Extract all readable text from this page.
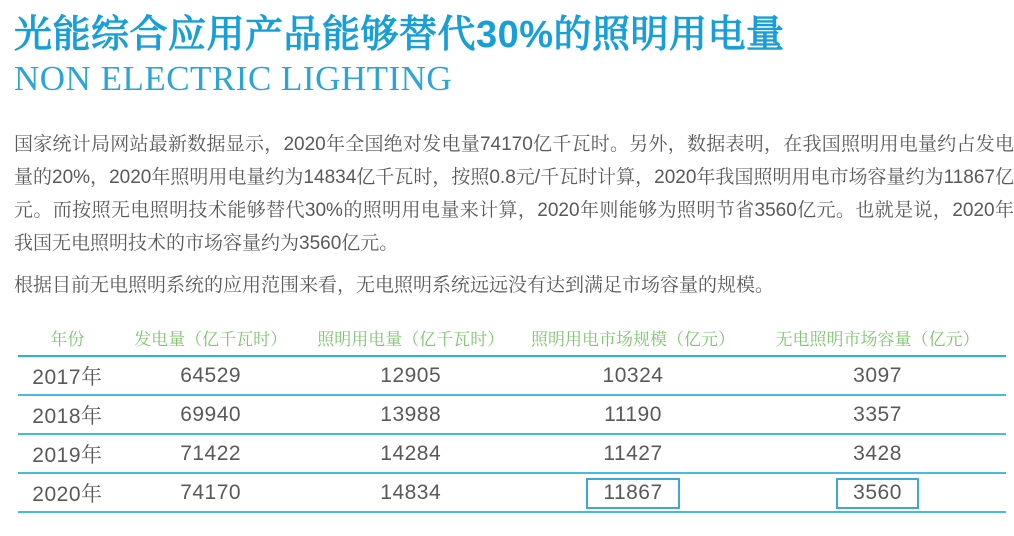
光能综合应用产品能够替代30%的照明用电量
NON ELECTRIC LIGHTING

国家统计局网站最新数据显示，2020年全国绝对发电量74170亿千瓦时。另外，数据表明，在我国照明用电量约占发电量的20%，2020年照明用电量约为14834亿千瓦时，按照0.8元/千瓦时计算，2020年我国照明用电市场容量约为11867亿元。而按照无电照明技术能够替代30%的照明用电量来计算，2020年则能够为照明节省3560亿元。也就是说，2020年我国无电照明技术的市场容量约为3560亿元。

根据目前无电照明系统的应用范围来看，无电照明系统远远没有达到满足市场容量的规模。

年份	发电量（亿千瓦时）	照明用电量（亿千瓦时）	照明用电市场规模（亿元）	无电照明市场容量（亿元）
2017年	64529	12905	10324	3097
2018年	69940	13988	11190	3357
2019年	71422	14284	11427	3428
2020年	74170	14834	11867	3560
